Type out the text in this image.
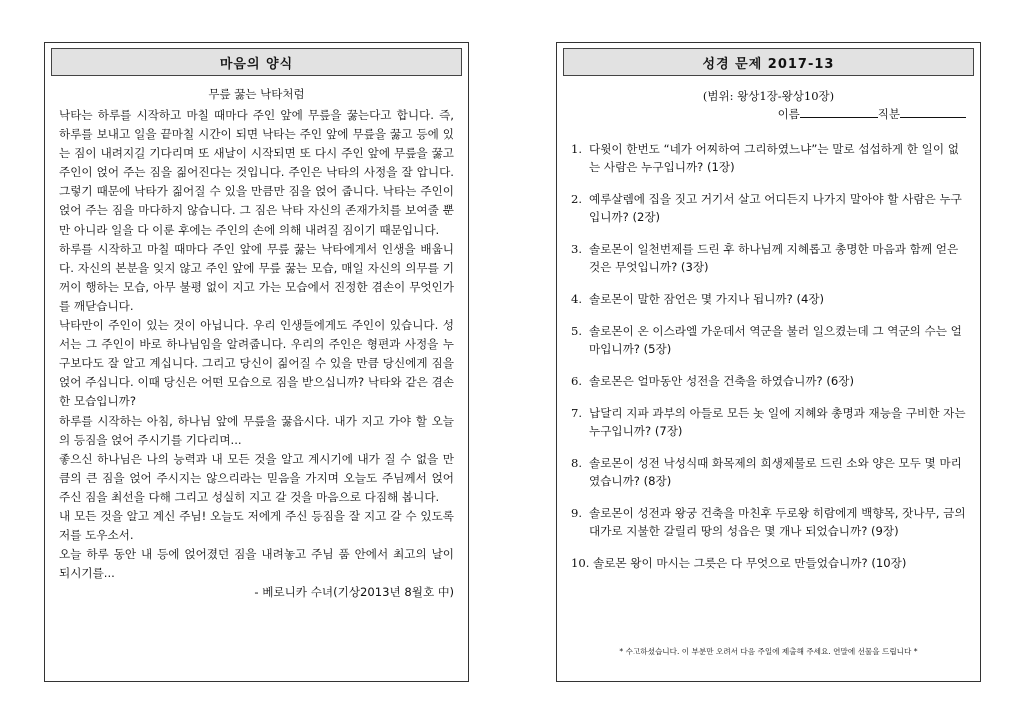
마음의 양식
무릎 꿇는 낙타처럼

낙타는 하루를 시작하고 마칠 때마다 주인 앞에 무릎을 꿇는다고 합니다. 즉, 하루를 보내고 일을 끝마칠 시간이 되면 낙타는 주인 앞에 무릎을 꿇고 등에 있는 짐이 내려지길 기다리며 또 새날이 시작되면 또 다시 주인 앞에 무릎을 꿇고 주인이 얹어 주는 짐을 짊어진다는 것입니다. 주인은 낙타의 사정을 잘 압니다. 그렇기 때문에 낙타가 짊어질 수 있을 만큼만 짐을 얹어 줍니다. 낙타는 주인이 얹어 주는 짐을 마다하지 않습니다. 그 짐은 낙타 자신의 존재가치를 보여줄 뿐만 아니라 일을 다 이룬 후에는 주인의 손에 의해 내려질 짐이기 때문입니다.

하루를 시작하고 마칠 때마다 주인 앞에 무릎 꿇는 낙타에게서 인생을 배웁니다. 자신의 본분을 잊지 않고 주인 앞에 무릎 꿇는 모습, 매일 자신의 의무를 기꺼이 행하는 모습, 아무 불평 없이 지고 가는 모습에서 진정한 겸손이 무엇인가를 깨닫습니다.

낙타만이 주인이 있는 것이 아닙니다. 우리 인생들에게도 주인이 있습니다. 성서는 그 주인이 바로 하나님임을 알려줍니다. 우리의 주인은 형편과 사정을 누구보다도 잘 알고 계십니다. 그리고 당신이 짊어질 수 있을 만큼 당신에게 짐을 얹어 주십니다. 이때 당신은 어떤 모습으로 짐을 받으십니까? 낙타와 같은 겸손한 모습입니까?

하루를 시작하는 아침, 하나님 앞에 무릎을 꿇읍시다. 내가 지고 가야 할 오늘의 등짐을 얹어 주시기를 기다리며...

좋으신 하나님은 나의 능력과 내 모든 것을 알고 계시기에 내가 질 수 없을 만큼의 큰 짐을 얹어 주시지는 않으리라는 믿음을 가지며 오늘도 주님께서 얹어주신 짐을 최선을 다해 그리고 성실히 지고 갈 것을 마음으로 다짐해 봅니다.

내 모든 것을 알고 계신 주님! 오늘도 저에게 주신 등짐을 잘 지고 갈 수 있도록 저를 도우소서.

오늘 하루 동안 내 등에 얹어졌던 짐을 내려놓고 주님 품 안에서 최고의 날이 되시기를...
- 베로니카 수녀(기상2013년 8월호 中)
성경 문제 2017-13
(범위: 왕상1장-왕상10장)
이름	직분
1. 다윗이 한번도 “네가 어찌하여 그리하였느냐”는 말로 섭섭하게 한 일이 없는 사람은 누구입니까? (1장)
2. 예루살렘에 집을 짓고 거기서 살고 어디든지 나가지 말아야 할 사람은 누구입니까? (2장)
3. 솔로몬이 일천번제를 드린 후 하나님께 지혜롭고 총명한 마음과 함께 얻은 것은 무엇입니까? (3장)
4. 솔로몬이 말한 잠언은 몇 가지나 됩니까? (4장)
5. 솔로몬이 온 이스라엘 가운데서 역군을 불러 일으켰는데 그 역군의 수는 얼마입니까? (5장)
6. 솔로몬은 얼마동안 성전을 건축을 하였습니까? (6장)
7. 납달리 지파 과부의 아들로 모든 놋 일에 지혜와 총명과 재능을 구비한 자는 누구입니까? (7장)
8. 솔로몬이 성전 낙성식때 화목제의 희생제물로 드린 소와 양은 모두 몇 마리였습니까? (8장)
9. 솔로몬이 성전과 왕궁 건축을 마친후 두로왕 히람에게 백향목, 잣나무, 금의 대가로 지불한 갈릴리 땅의 성읍은 몇 개나 되었습니까? (9장)
10. 솔로몬 왕이 마시는 그릇은 다 무엇으로 만들었습니까? (10장)
* 수고하셨습니다. 이 부분만 오려서 다음 주일에 제출해 주세요. 연말에 선물을 드립니다 *
